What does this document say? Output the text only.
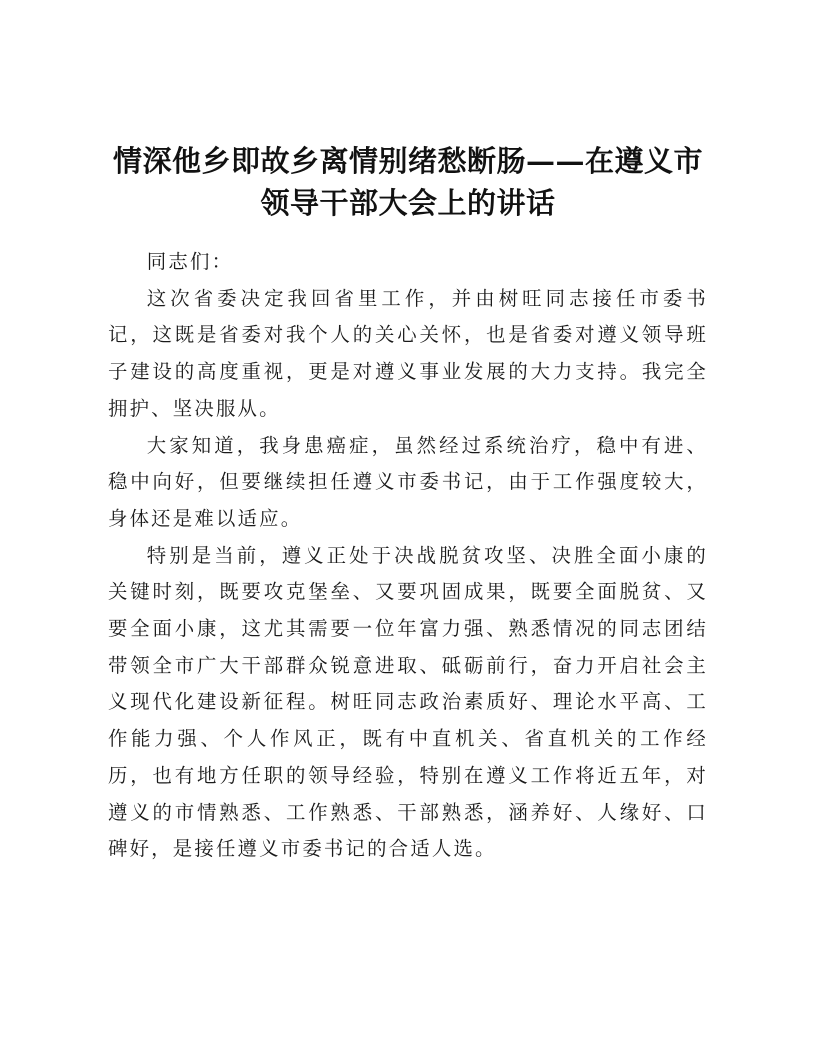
情深他乡即故乡离情别绪愁断肠——在遵义市
领导干部大会上的讲话

同志们：

这次省委决定我回省里工作，并由树旺同志接任市委书记，这既是省委对我个人的关心关怀，也是省委对遵义领导班子建设的高度重视，更是对遵义事业发展的大力支持。我完全拥护、坚决服从。

大家知道，我身患癌症，虽然经过系统治疗，稳中有进、稳中向好，但要继续担任遵义市委书记，由于工作强度较大，身体还是难以适应。

特别是当前，遵义正处于决战脱贫攻坚、决胜全面小康的关键时刻，既要攻克堡垒、又要巩固成果，既要全面脱贫、又要全面小康，这尤其需要一位年富力强、熟悉情况的同志团结带领全市广大干部群众锐意进取、砥砺前行，奋力开启社会主义现代化建设新征程。树旺同志政治素质好、理论水平高、工作能力强、个人作风正，既有中直机关、省直机关的工作经历，也有地方任职的领导经验，特别在遵义工作将近五年，对遵义的市情熟悉、工作熟悉、干部熟悉，涵养好、人缘好、口碑好，是接任遵义市委书记的合适人选。
